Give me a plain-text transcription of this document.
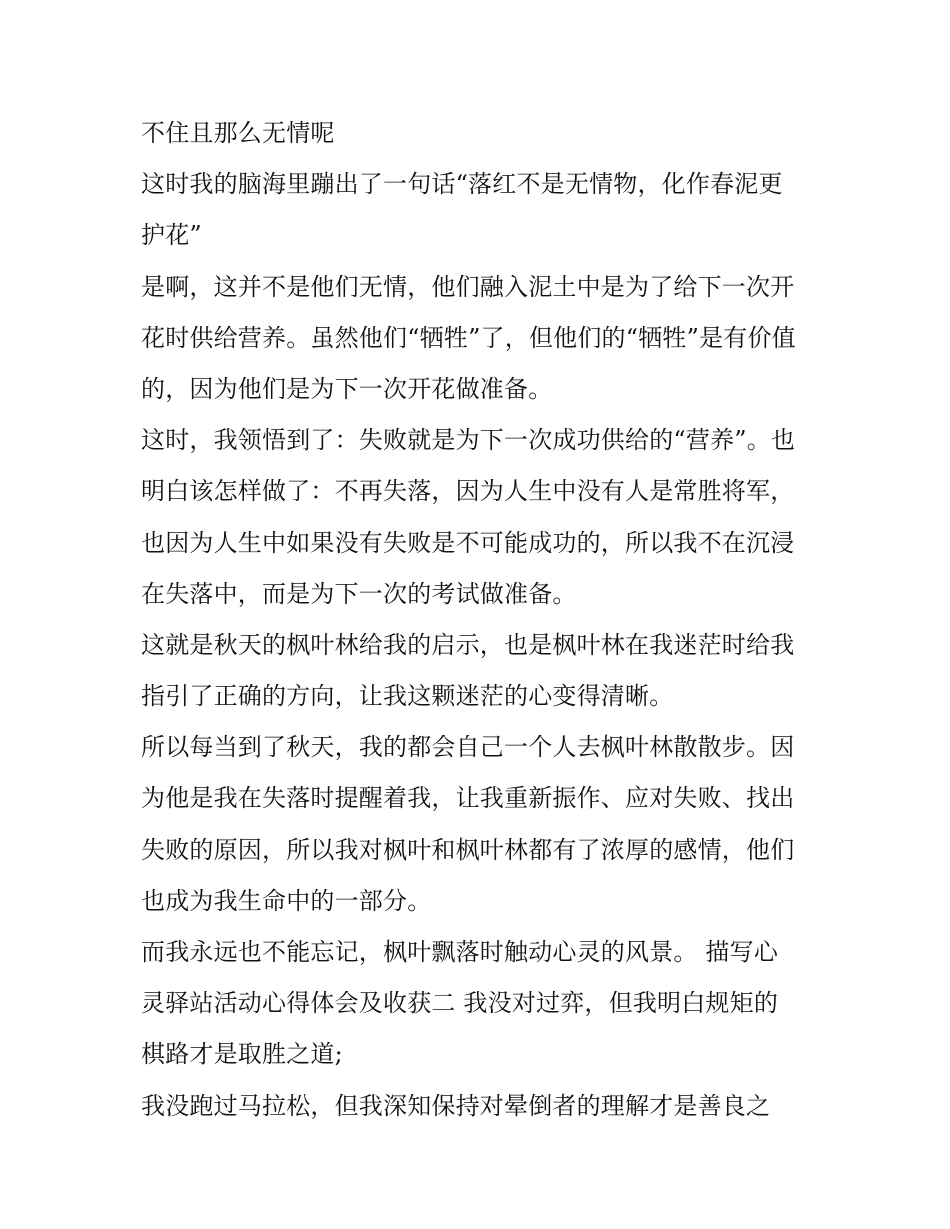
不住且那么无情呢
这时我的脑海里蹦出了一句话“落红不是无情物，化作春泥更
护花”
是啊，这并不是他们无情，他们融入泥土中是为了给下一次开
花时供给营养。虽然他们“牺牲”了，但他们的“牺牲”是有价值
的，因为他们是为下一次开花做准备。
这时，我领悟到了：失败就是为下一次成功供给的“营养”。也
明白该怎样做了：不再失落，因为人生中没有人是常胜将军，
也因为人生中如果没有失败是不可能成功的，所以我不在沉浸
在失落中，而是为下一次的考试做准备。
这就是秋天的枫叶林给我的启示，也是枫叶林在我迷茫时给我
指引了正确的方向，让我这颗迷茫的心变得清晰。
所以每当到了秋天，我的都会自己一个人去枫叶林散散步。因
为他是我在失落时提醒着我，让我重新振作、应对失败、找出
失败的原因，所以我对枫叶和枫叶林都有了浓厚的感情，他们
也成为我生命中的一部分。
而我永远也不能忘记，枫叶飘落时触动心灵的风景。 描写心
灵驿站活动心得体会及收获二 我没对过弈，但我明白规矩的
棋路才是取胜之道;
我没跑过马拉松，但我深知保持对晕倒者的理解才是善良之
